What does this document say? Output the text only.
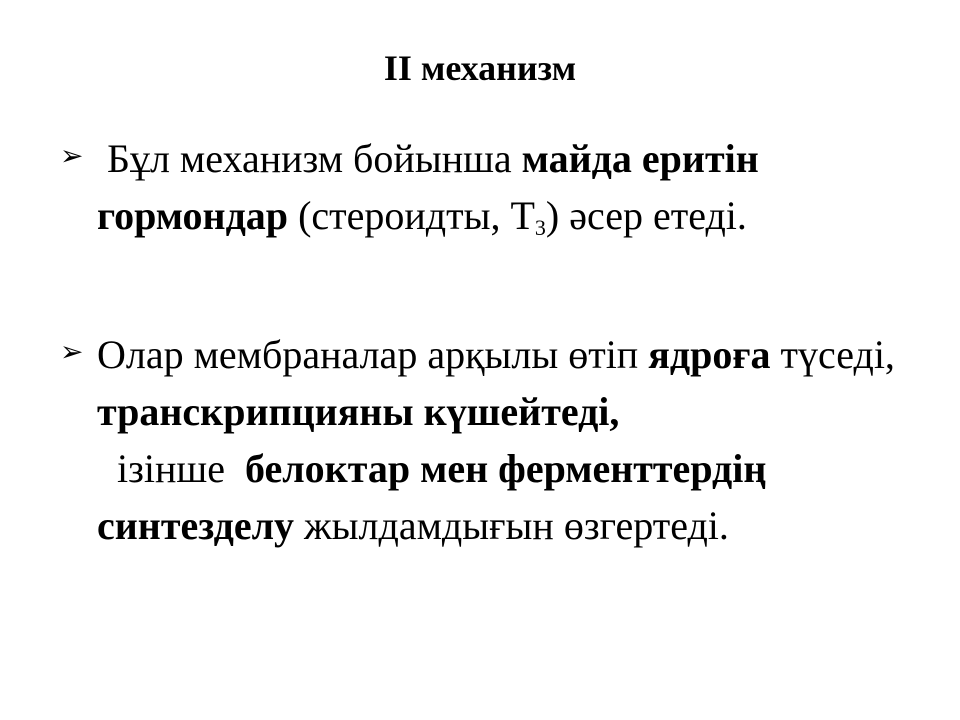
II механизм
➢ Бұл механизм бойынша майда еритін гормондар (стероидты, $Т_3$) әсер етеді.

➢ Олар мембраналар арқылы өтіп ядроға түседі, транскрипцияны күшейтеді,  ізінше  белоктар мен ферменттердің синтезделу жылдамдығын өзгертеді.
